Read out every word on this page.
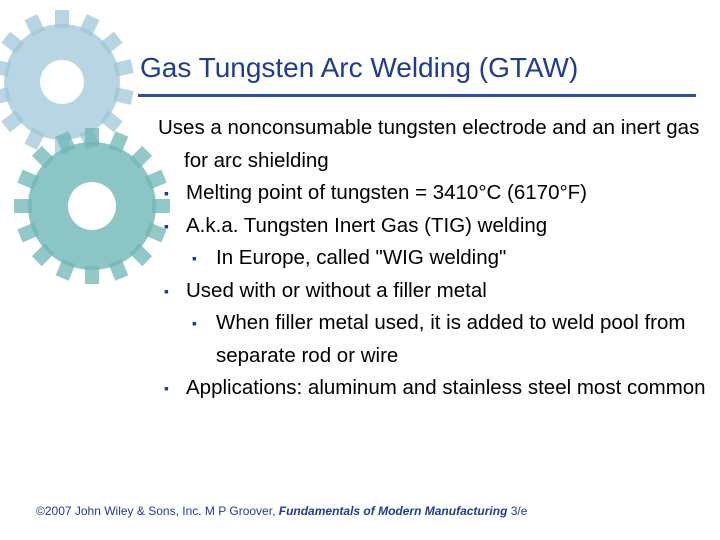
Gas Tungsten Arc Welding (GTAW)

Uses a nonconsumable tungsten electrode and an inert gas for arc shielding

▪ Melting point of tungsten = 3410°C (6170°F)

▪ A.k.a. Tungsten Inert Gas (TIG) welding

▪ In Europe, called "WIG welding"

▪ Used with or without a filler metal

▪ When filler metal used, it is added to weld pool from separate rod or wire

▪ Applications: aluminum and stainless steel most common

©2007 John Wiley & Sons, Inc. M P Groover, Fundamentals of Modern Manufacturing 3/e
